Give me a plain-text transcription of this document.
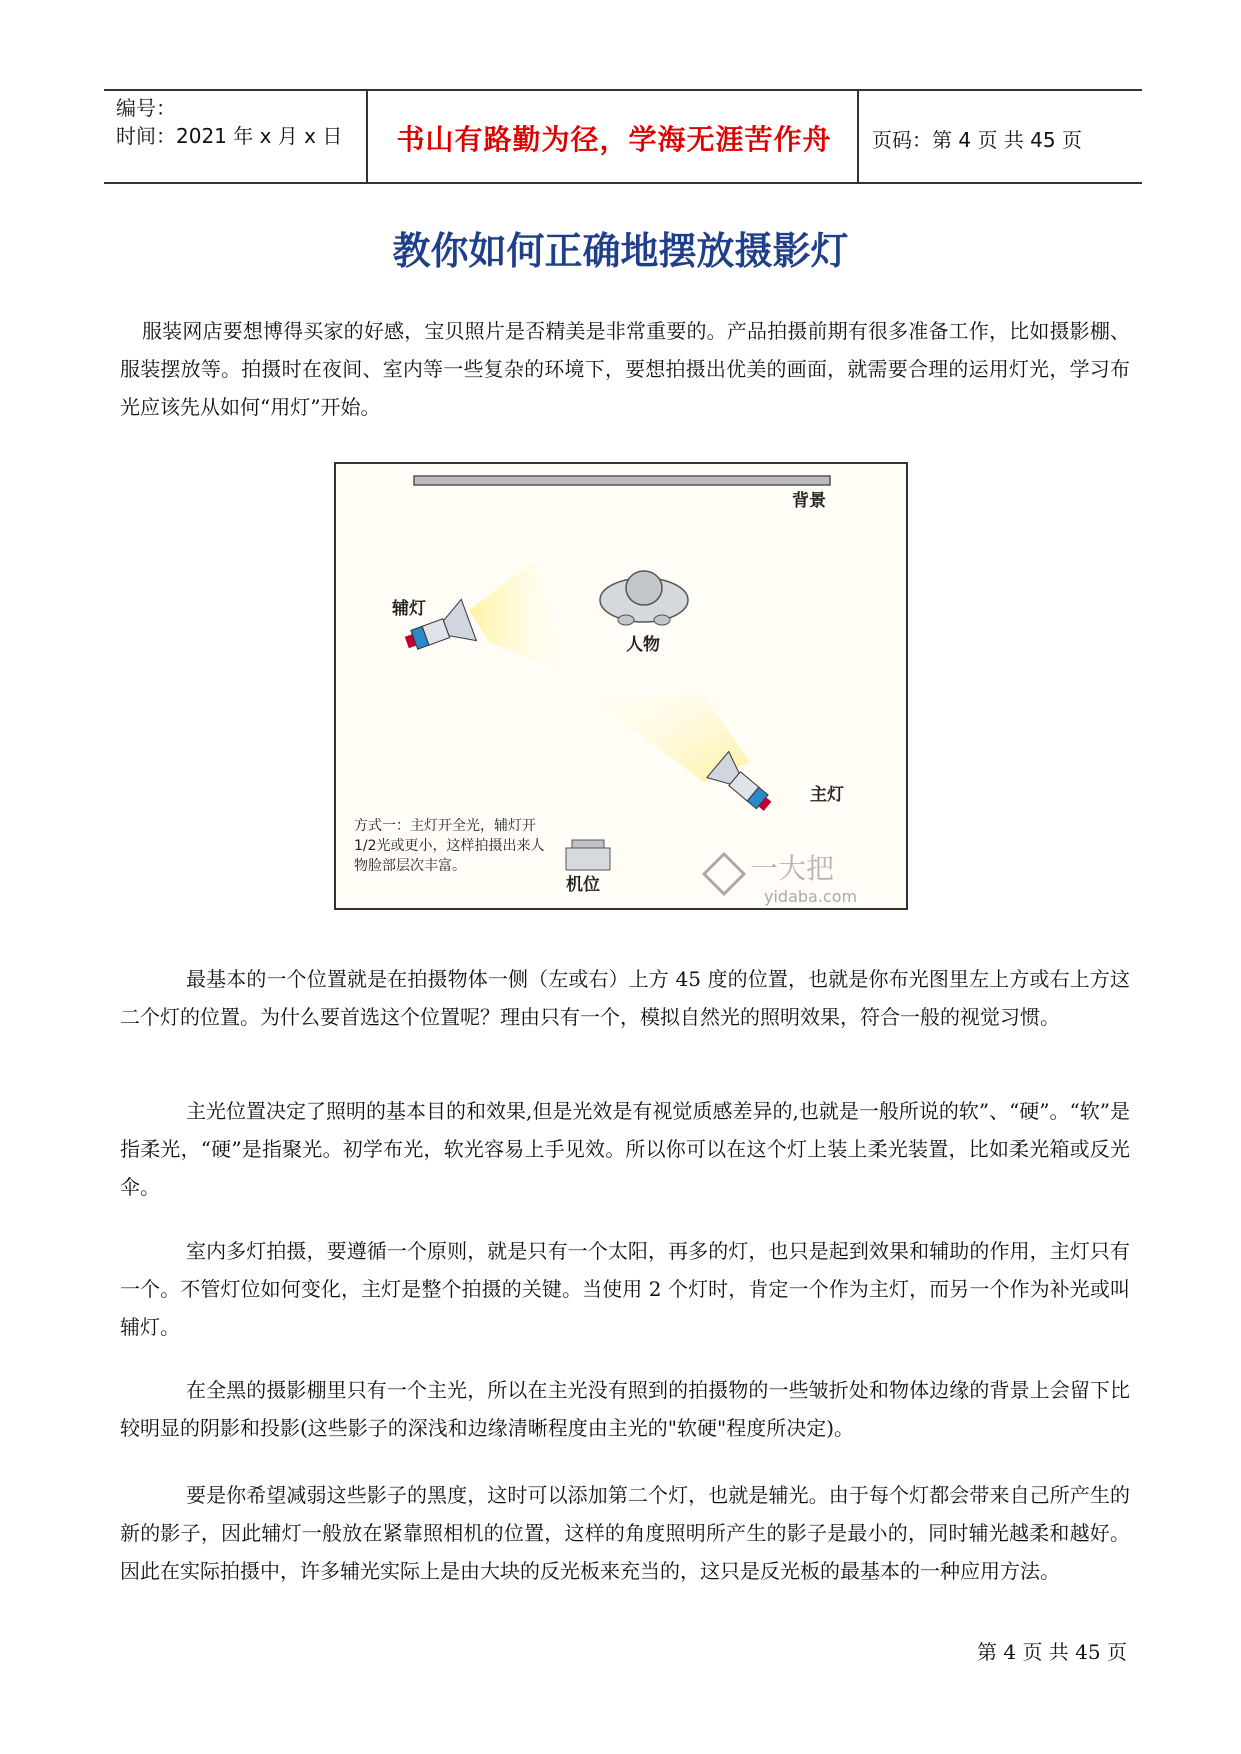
编号：
时间：2021 年 x 月 x 日	书山有路勤为径，学海无涯苦作舟	页码：第 4 页 共 45 页
教你如何正确地摆放摄影灯

服装网店要想博得买家的好感，宝贝照片是否精美是非常重要的。产品拍摄前期有很多准备工作，比如摄影棚、服装摆放等。拍摄时在夜间、室内等一些复杂的环境下，要想拍摄出优美的画面，就需要合理的运用灯光，学习布光应该先从如何“用灯”开始。

背景
辅灯
人物
主灯
方式一：主灯开全光，辅灯开
1/2光或更小，这样拍摄出来人
物脸部层次丰富。
机位	一大把
yidaba.com

最基本的一个位置就是在拍摄物体一侧（左或右）上方 45 度的位置，也就是你布光图里左上方或右上方这二个灯的位置。为什么要首选这个位置呢？理由只有一个，模拟自然光的照明效果，符合一般的视觉习惯。

主光位置决定了照明的基本目的和效果,但是光效是有视觉质感差异的,也就是一般所说的软”、“硬”。“软”是指柔光，“硬”是指聚光。初学布光，软光容易上手见效。所以你可以在这个灯上装上柔光装置，比如柔光箱或反光伞。

室内多灯拍摄，要遵循一个原则，就是只有一个太阳，再多的灯，也只是起到效果和辅助的作用，主灯只有一个。不管灯位如何变化，主灯是整个拍摄的关键。当使用 2 个灯时，肯定一个作为主灯，而另一个作为补光或叫辅灯。

在全黑的摄影棚里只有一个主光，所以在主光没有照到的拍摄物的一些皱折处和物体边缘的背景上会留下比较明显的阴影和投影(这些影子的深浅和边缘清晰程度由主光的"软硬"程度所决定)。

要是你希望减弱这些影子的黑度，这时可以添加第二个灯，也就是辅光。由于每个灯都会带来自己所产生的新的影子，因此辅灯一般放在紧靠照相机的位置，这样的角度照明所产生的影子是最小的，同时辅光越柔和越好。因此在实际拍摄中，许多辅光实际上是由大块的反光板来充当的，这只是反光板的最基本的一种应用方法。

第 4 页 共 45 页
